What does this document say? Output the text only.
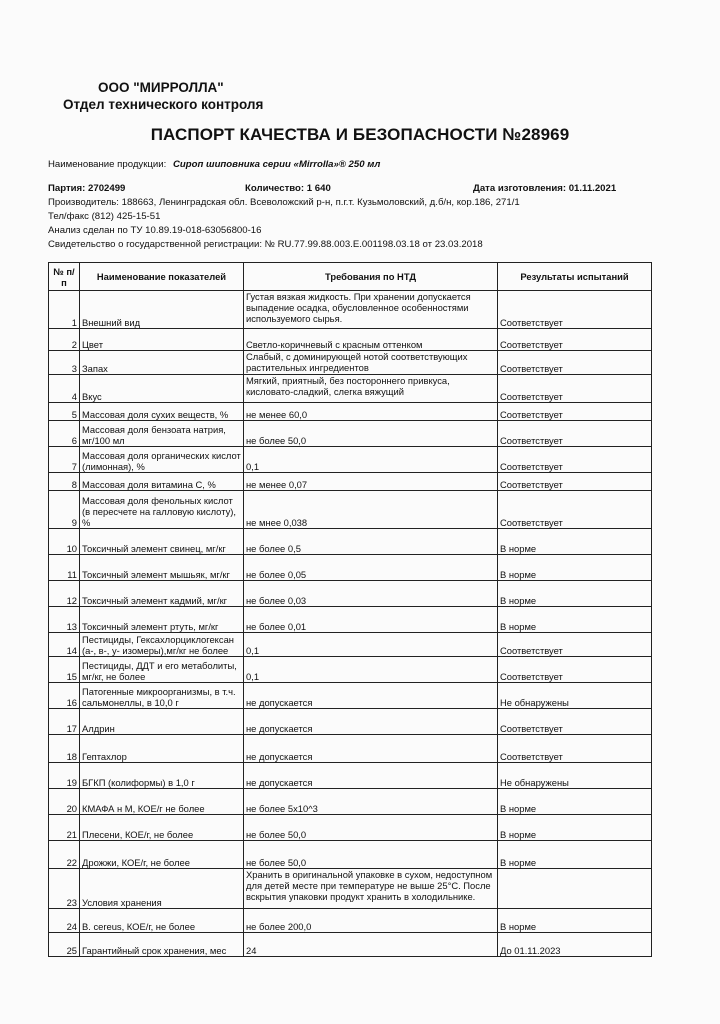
ООО "МИРРОЛЛА"
Отдел технического контроля
ПАСПОРТ КАЧЕСТВА И БЕЗОПАСНОСТИ №28969
Наименование продукции: Сироп шиповника серии «Mirrolla»® 250 мл
Партия: 2702499	Количество: 1 640	Дата изготовления: 01.11.2021
Производитель: 188663, Ленинградская обл. Всеволожский р-н, п.г.т. Кузьмоловский, д.б/н, кор.186, 271/1
Тел/факс (812) 425-15-51
Анализ сделан по ТУ 10.89.19-018-63056800-16
Свидетельство о государственной регистрации: № RU.77.99.88.003.Е.001198.03.18 от 23.03.2018
№ п/п	Наименование показателей	Требования по НТД	Результаты испытаний
1	Внешний вид	Густая вязкая жидкость. При хранении допускается выпадение осадка, обусловленное особенностями используемого сырья.	Соответствует
2	Цвет	Светло-коричневый с красным оттенком	Соответствует
3	Запах	Слабый, с доминирующей нотой соответствующих растительных ингредиентов	Соответствует
4	Вкус	Мягкий, приятный, без постороннего привкуса, кисловато-сладкий, слегка вяжущий	Соответствует
5	Массовая доля сухих веществ, %	не менее 60,0	Соответствует
6	Массовая доля бензоата натрия, мг/100 мл	не более 50,0	Соответствует
7	Массовая доля органических кислот (лимонная), %	0,1	Соответствует
8	Массовая доля витамина С, %	не менее 0,07	Соответствует
9	Массовая доля фенольных кислот (в пересчете на галловую кислоту), %	не мнее 0,038	Соответствует
10	Токсичный элемент свинец, мг/кг	не более 0,5	В норме
11	Токсичный элемент мышьяк, мг/кг	не более 0,05	В норме
12	Токсичный элемент кадмий, мг/кг	не более 0,03	В норме
13	Токсичный элемент ртуть, мг/кг	не более 0,01	В норме
14	Пестициды, Гексахлорциклогексан (а-, в-, у- изомеры),мг/кг не более	0,1	Соответствует
15	Пестициды, ДДТ и его метаболиты, мг/кг, не более	0,1	Соответствует
16	Патогенные микроорганизмы, в т.ч. сальмонеллы, в 10,0 г	не допускается	Не обнаружены
17	Алдрин	не допускается	Соответствует
18	Гептахлор	не допускается	Соответствует
19	БГКП (колиформы) в 1,0 г	не допускается	Не обнаружены
20	КМАФА н М, КОЕ/г не более	не более 5х10^3	В норме
21	Плесени, КОЕ/г, не более	не более 50,0	В норме
22	Дрожжи, КОЕ/г, не более	не более 50,0	В норме
23	Условия хранения	Хранить в оригинальной упаковке в сухом, недоступном для детей месте при температуре не выше 25°С. После вскрытия упаковки продукт хранить в холодильнике.	
24	B. cereus, КОЕ/г, не более	не более 200,0	В норме
25	Гарантийный срок хранения, мес	24	До 01.11.2023
